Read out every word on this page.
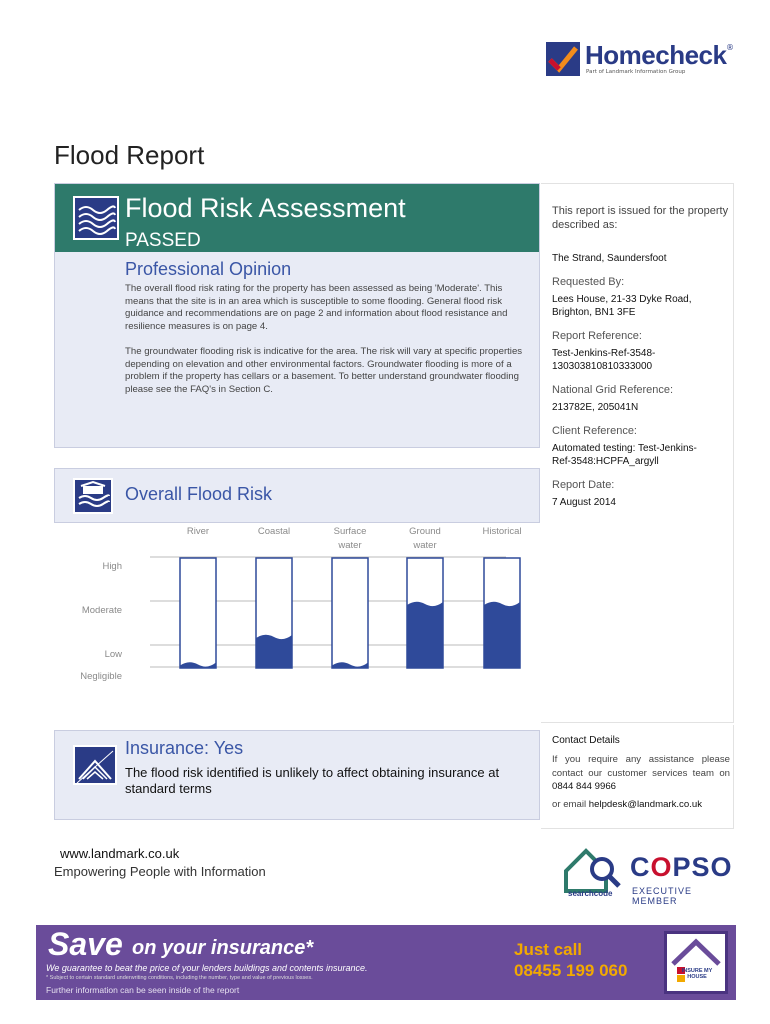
Homecheck ®
Part of Landmark Information Group
Flood Report
Flood Risk Assessment
PASSED
Professional Opinion
The overall flood risk rating for the property has been assessed as being 'Moderate'. This means that the site is in an area which is susceptible to some flooding. General flood risk guidance and recommendations are on page 2 and information about flood resistance and resilience measures is on page 4.
The groundwater flooding risk is indicative for the area. The risk will vary at specific properties depending on elevation and other environmental factors. Groundwater flooding is more of a problem if the property has cellars or a basement. To better understand groundwater flooding please see the FAQ's in Section C.
This report is issued for the property described as:
The Strand, Saundersfoot
Requested By:
Lees House, 21-33 Dyke Road,
Brighton, BN1 3FE
Report Reference:
Test-Jenkins-Ref-3548-
130303810810333000
National Grid Reference:
213782E, 205041N
Client Reference:
Automated testing: Test-Jenkins-
Ref-3548:HCPFA_argyll
Report Date:
7 August 2014
Overall Flood Risk
High
Moderate
Low
Negligible
River	Coastal	Surface
water
Ground
water
Historical
Insurance: Yes
The flood risk identified is unlikely to affect obtaining insurance at standard terms
Contact Details
If you require any assistance please contact our customer services team on 0844 844 9966
or email helpdesk@landmark.co.uk
www.landmark.co.uk
Empowering People with Information
searchcode
COPSO
EXECUTIVE MEMBER
Save on your insurance*
We guarantee to beat the price of your lenders buildings and contents insurance.
* Subject to certain standard underwriting conditions, including the number, type and value of previous losses.
Further information can be seen inside of the report
Just call
08455 199 060	INSURE MY HOUSE
